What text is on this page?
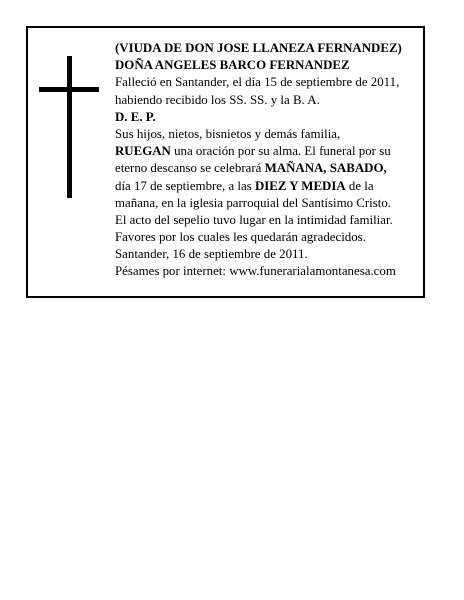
(VIUDA DE DON JOSE LLANEZA FERNANDEZ)
DOÑA ANGELES BARCO FERNANDEZ
Falleció en Santander, el día 15 de septiembre de 2011,
habiendo recibido los SS. SS. y la B. A.
D. E. P.
Sus hijos, nietos, bisnietos y demás familia,
RUEGAN una oración por su alma. El funeral por su
eterno descanso se celebrará MAÑANA, SABADO,
día 17 de septiembre, a las DIEZ Y MEDIA de la
mañana, en la iglesia parroquial del Santísimo Cristo.
El acto del sepelio tuvo lugar en la intimidad familiar.
Favores por los cuales les quedarán agradecidos.
Santander, 16 de septiembre de 2011.
Pésames por internet: www.funerarialamontanesa.com
